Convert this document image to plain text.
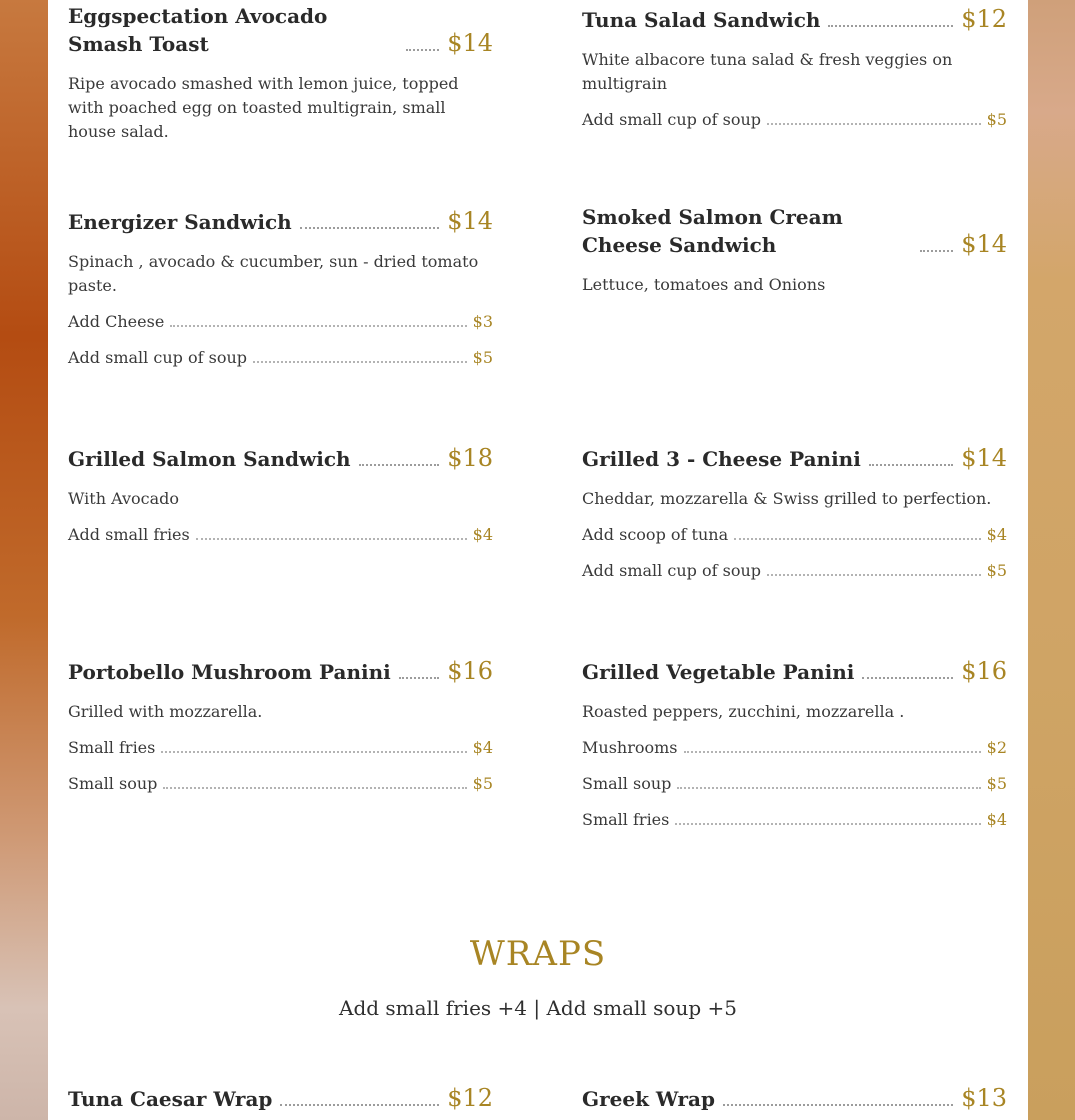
Eggspectation Avocado Smash Toast	$14
Ripe avocado smashed with lemon juice, topped with poached egg on toasted multigrain, small house salad.
Tuna Salad Sandwich	$12
White albacore tuna salad & fresh veggies on multigrain
Add small cup of soup	$5
Energizer Sandwich	$14
Spinach , avocado & cucumber, sun - dried tomato paste.
Add Cheese	$3
Add small cup of soup	$5
Smoked Salmon Cream Cheese Sandwich	$14
Lettuce, tomatoes and Onions
Grilled Salmon Sandwich	$18
With Avocado
Add small fries	$4
Grilled 3 - Cheese Panini	$14
Cheddar, mozzarella & Swiss grilled to perfection.
Add scoop of tuna	$4
Add small cup of soup	$5
Portobello Mushroom Panini $16
Grilled with mozzarella.
Small fries	$4
Small soup	$5
Grilled Vegetable Panini	$16
Roasted peppers, zucchini, mozzarella .
Mushrooms	$2
Small soup	$5
Small fries	$4
WRAPS
Add small fries +4 | Add small soup +5
Tuna Caesar Wrap	$12	Greek Wrap	$13
